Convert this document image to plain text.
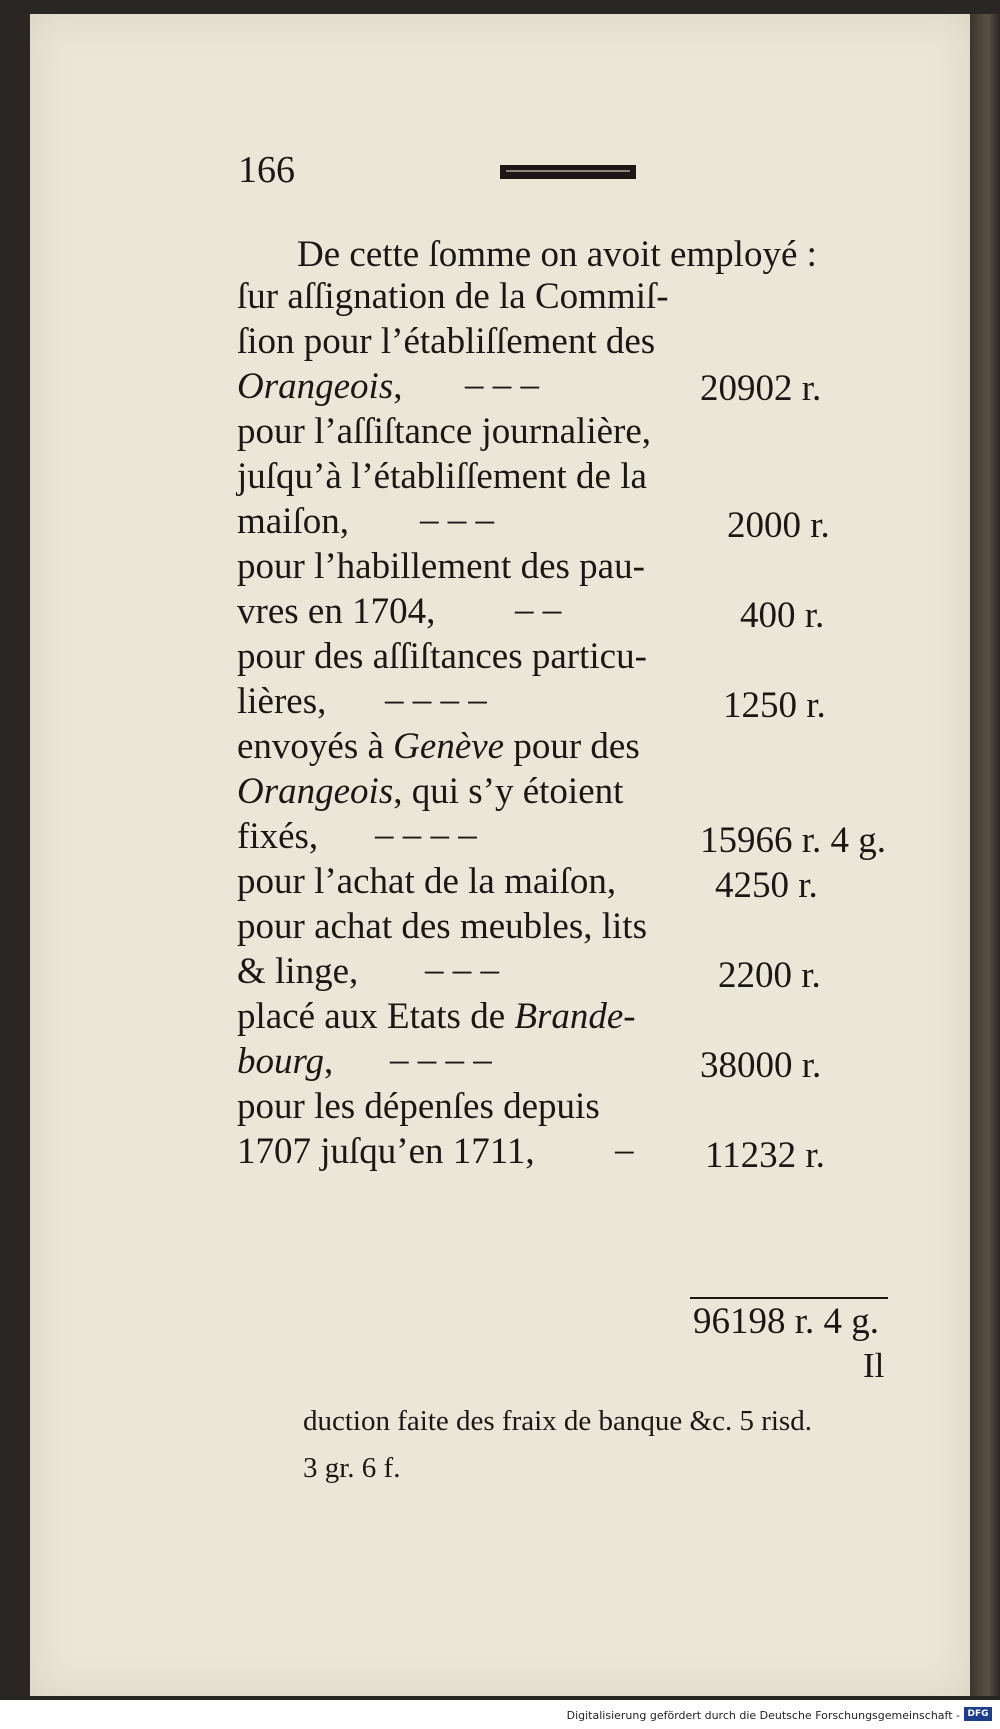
166
De cette ſomme on avoit employé :
ſur aſſignation de la Commiſ-
ſion pour l’établiſſement des
Orangeois, – – –	20902 r.
pour l’aſſiſtance journalière,
juſqu’à l’établiſſement de la
maiſon, – – –	2000 r.
pour l’habillement des pau-
vres en 1704, – –	400 r.
pour des aſſiſtances particu-
lières, – – – –	1250 r.
envoyés à Genève pour des
Orangeois, qui s’y étoient
fixés, – – – –	15966 r. 4 g.
pour l’achat de la maiſon,	4250 r.
pour achat des meubles, lits
& linge, – – –	2200 r.
placé aux Etats de Brande-
bourg, – – – –	38000 r.
pour les dépenſes depuis
1707 juſqu’en 1711, – 11232 r.
96198 r. 4 g.
Il
duction faite des fraix de banque &c. 5 risd.
3 gr. 6 f.
Digitalisierung gefördert durch die Deutsche Forschungsgemeinschaft - DFG
